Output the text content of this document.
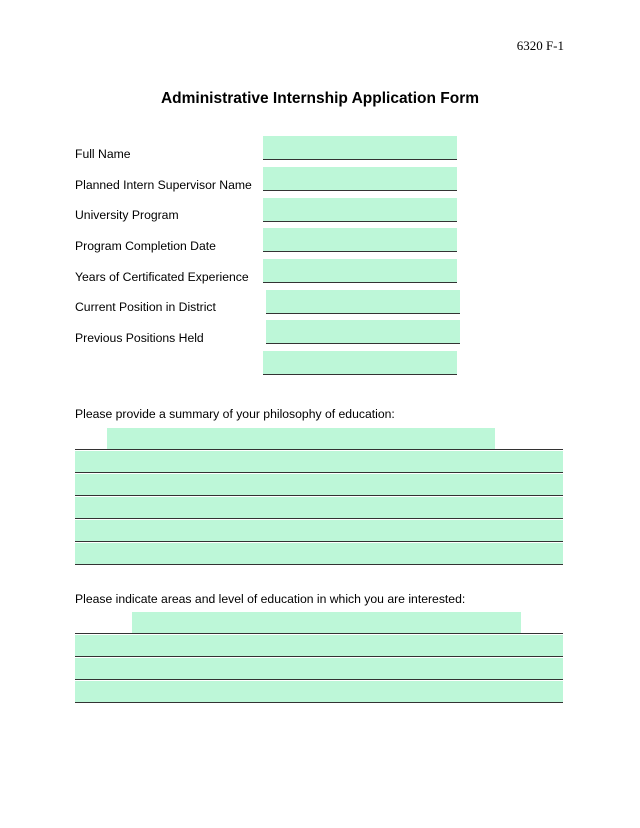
6320 F-1
Administrative Internship Application Form
Full Name
Planned Intern Supervisor Name
University Program
Program Completion Date
Years of Certificated Experience
Current Position in District
Previous Positions Held
Please provide a summary of your philosophy of education:
Please indicate areas and level of education in which you are interested:
